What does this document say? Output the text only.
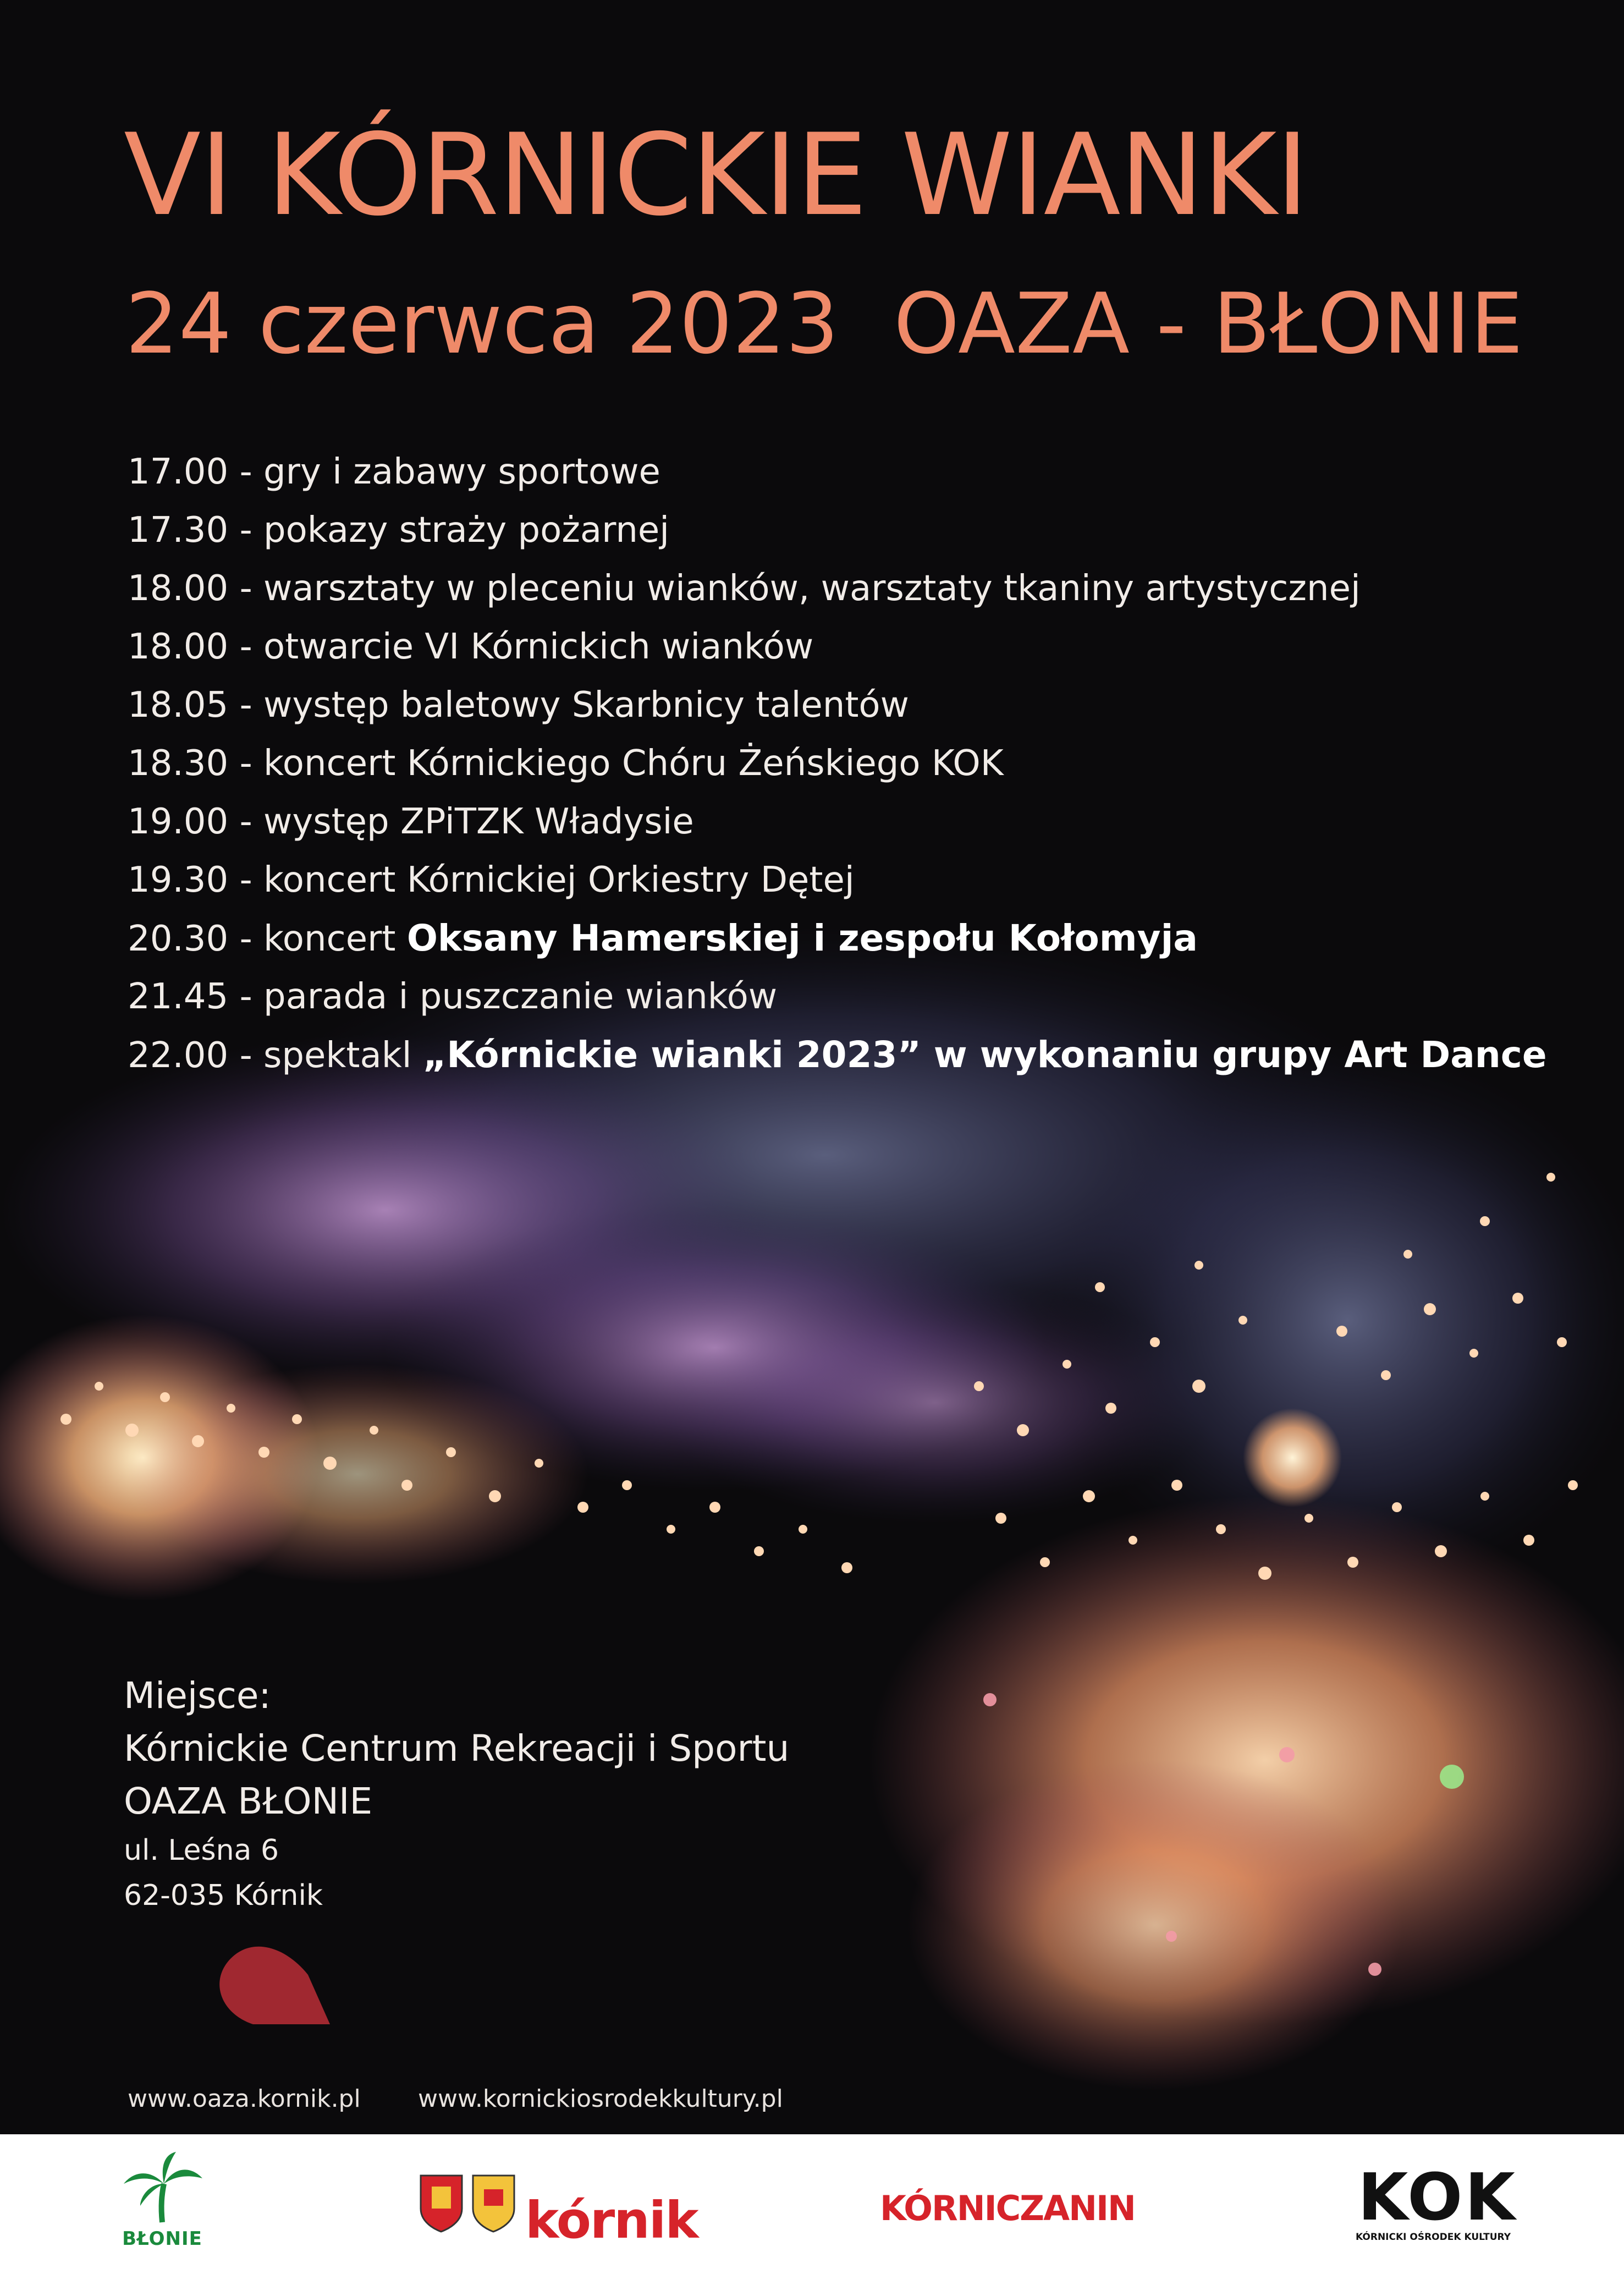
VI KÓRNICKIE WIANKI
24 czerwca 2023 OAZA - BŁONIE
17.00 - gry i zabawy sportowe
17.30 - pokazy straży pożarnej
18.00 - warsztaty w pleceniu wianków, warsztaty tkaniny artystycznej
18.00 - otwarcie VI Kórnickich wianków
18.05 - występ baletowy Skarbnicy talentów
18.30 - koncert Kórnickiego Chóru Żeńskiego KOK
19.00 - występ ZPiTZK Władysie
19.30 - koncert Kórnickiej Orkiestry Dętej
20.30 - koncert Oksany Hamerskiej i zespołu Kołomyja
21.45 - parada i puszczanie wianków
22.00 - spektakl „Kórnickie wianki 2023” w wykonaniu grupy Art Dance
Miejsce:
Kórnickie Centrum Rekreacji i Sportu
OAZA BŁONIE
ul. Leśna 6
62-035 Kórnik
www.oaza.kornik.pl www.kornickiosrodekkultury.pl
BŁONIE	kórnik	KÓRNICZANIN	KOK
KÓRNICKI OŚRODEK KULTURY
